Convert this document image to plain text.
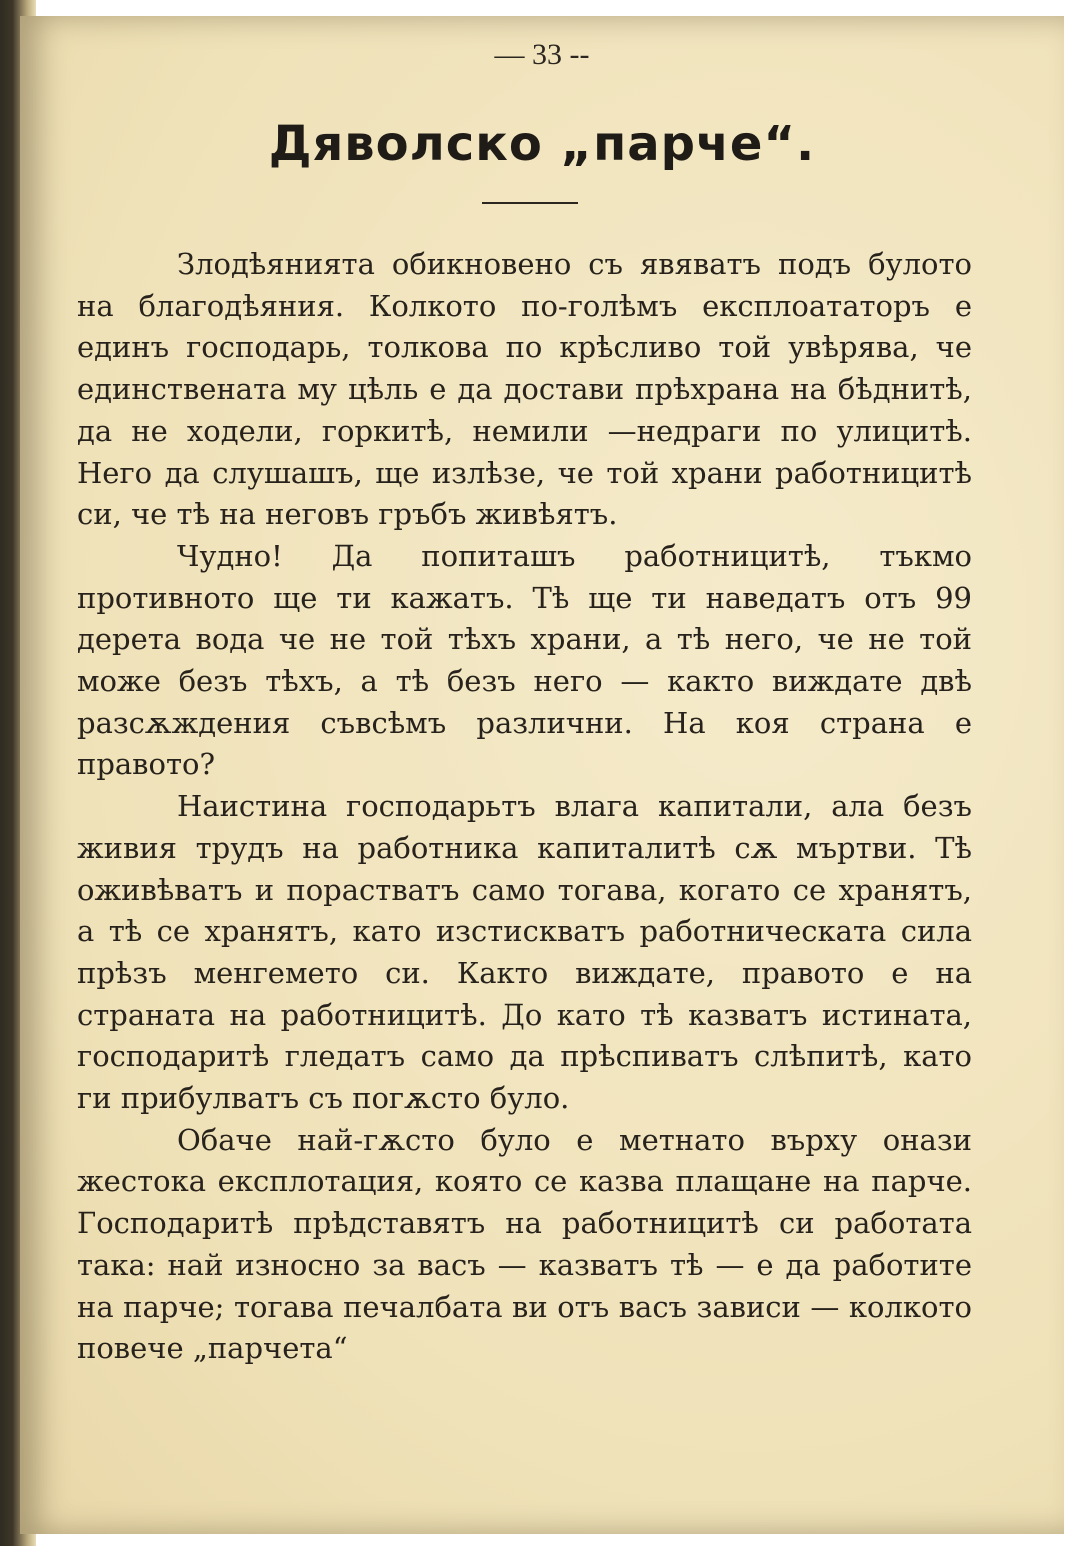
— 33 --
Дяволско „парче“.

Злодѣянията обикновено съ явяватъ подъ булото на благодѣяния. Колкото по-голѣмъ експлоататоръ е единъ господарь, толкова по крѣсливо той увѣрява, че единствената му цѣль е да достави прѣхрана на бѣднитѣ, да не ходели, горкитѣ, немили —недраги по улицитѣ. Него да слушашъ, ще излѣзе, че той храни работницитѣ си, че тѣ на неговъ гръбъ живѣятъ.

Чудно! Да попиташъ работницитѣ, тъкмо противното ще ти кажатъ. Тѣ ще ти наведатъ отъ 99 дерета вода че не той тѣхъ храни, а тѣ него, че не той може безъ тѣхъ, а тѣ безъ него — както виждате двѣ разсѫждения съвсѣмъ различни. На коя страна е правото?

Наистина господарьтъ влага капитали, ала безъ живия трудъ на работника капиталитѣ сѫ мъртви. Тѣ оживѣватъ и порастватъ само тогава, когато се хранятъ, а тѣ се хранятъ, като изстискватъ работническата сила прѣзъ менгемето си. Както виждате, правото е на страната на работницитѣ. До като тѣ казватъ истината, господаритѣ гледатъ само да прѣспиватъ слѣпитѣ, като ги прибулватъ съ погѫсто було.

Обаче най-гѫсто було е метнато върху онази жестока експлотация, която се казва плащане на парче. Господаритѣ прѣдставятъ на работницитѣ си работата така: най износно за васъ — казватъ тѣ — е да работите на парче; тогава печалбата ви отъ васъ зависи — колкото повече „парчета“
